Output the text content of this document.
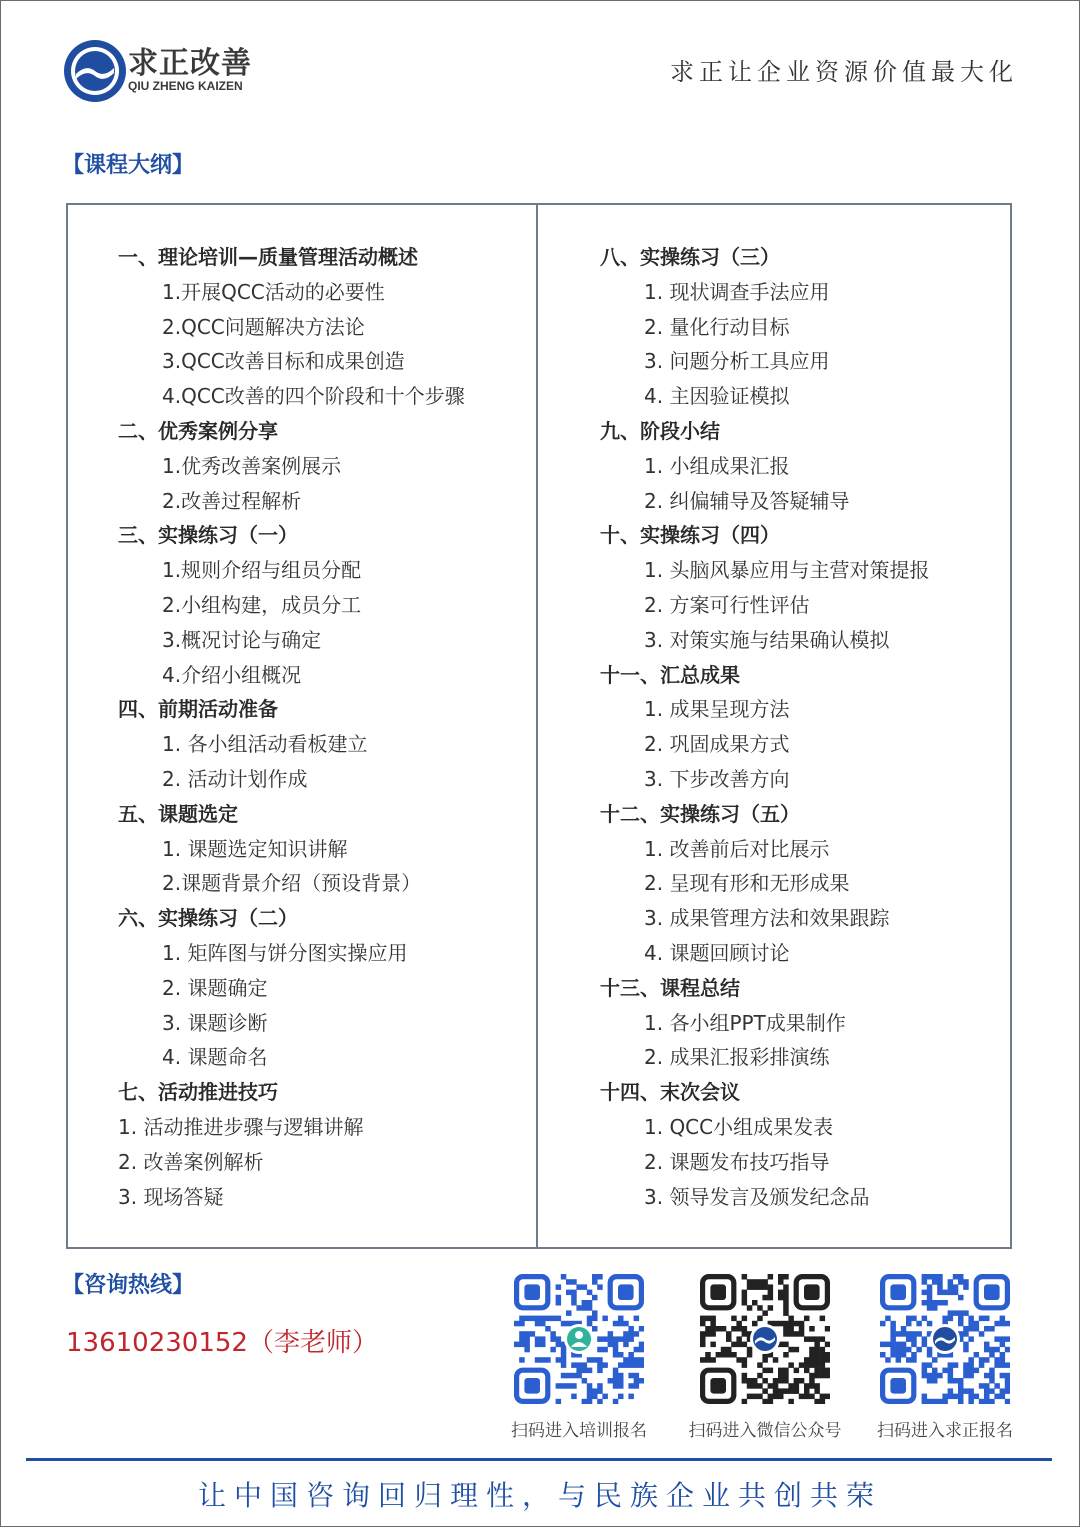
求正改善
QIU ZHENG KAIZEN	求正让企业资源价值最大化
【课程大纲】
一、理论培训—质量管理活动概述
1.开展QCC活动的必要性
2.QCC问题解决方法论
3.QCC改善目标和成果创造
4.QCC改善的四个阶段和十个步骤
二、优秀案例分享
1.优秀改善案例展示
2.改善过程解析
三、实操练习（一）
1.规则介绍与组员分配
2.小组构建，成员分工
3.概况讨论与确定
4.介绍小组概况
四、前期活动准备
1. 各小组活动看板建立
2. 活动计划作成
五、课题选定
1. 课题选定知识讲解
2.课题背景介绍（预设背景）
六、实操练习（二）
1. 矩阵图与饼分图实操应用
2. 课题确定
3. 课题诊断
4. 课题命名
七、活动推进技巧
1. 活动推进步骤与逻辑讲解
2. 改善案例解析
3. 现场答疑
八、实操练习（三）
1. 现状调查手法应用
2. 量化行动目标
3. 问题分析工具应用
4. 主因验证模拟
九、阶段小结
1. 小组成果汇报
2. 纠偏辅导及答疑辅导
十、实操练习（四）
1. 头脑风暴应用与主营对策提报
2. 方案可行性评估
3. 对策实施与结果确认模拟
十一、汇总成果
1. 成果呈现方法
2. 巩固成果方式
3. 下步改善方向
十二、实操练习（五）
1. 改善前后对比展示
2. 呈现有形和无形成果
3. 成果管理方法和效果跟踪
4. 课题回顾讨论
十三、课程总结
1. 各小组PPT成果制作
2. 成果汇报彩排演练
十四、末次会议
1. QCC小组成果发表
2. 课题发布技巧指导
3. 领导发言及颁发纪念品
【咨询热线】
13610230152（李老师）
扫码进入培训报名	扫码进入微信公众号	扫码进入求正报名
让中国咨询回归理性，与民族企业共创共荣
